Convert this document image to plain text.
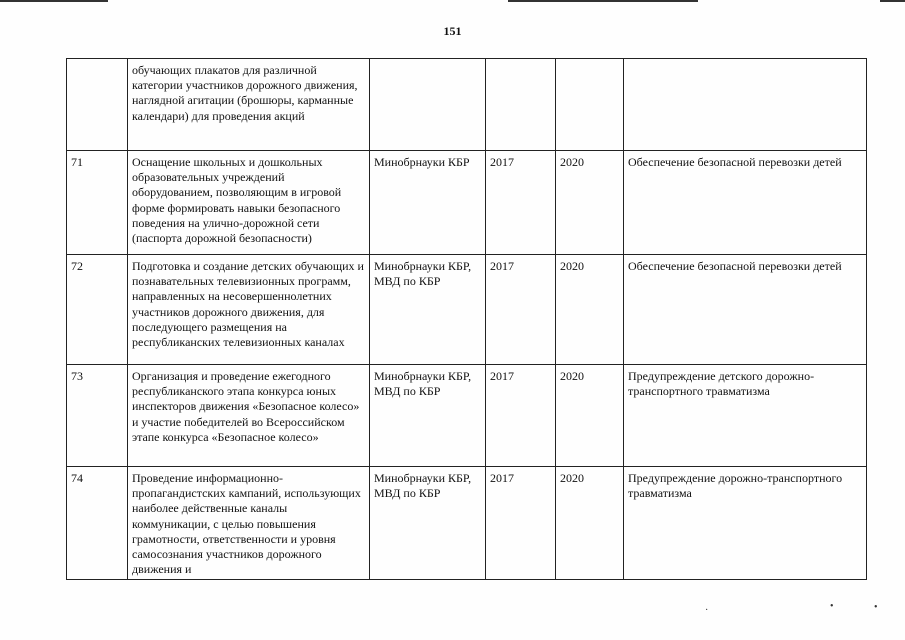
151
	обучающих плакатов для различной категории участников дорожного движения, наглядной агитации (брошюры, карманные календари) для проведения акций				
71	Оснащение школьных и дошкольных образовательных учреждений оборудованием, позволяющим в игровой форме формировать навыки безопасного поведения на улично-дорожной сети (паспорта дорожной безопасности)	Минобрнауки КБР	2017	2020	Обеспечение безопасной перевозки детей
72	Подготовка и создание детских обучающих и познавательных телевизионных программ, направленных на несовершеннолетних участников дорожного движения, для последующего размещения на республиканских телевизионных каналах	Минобрнауки КБР, МВД по КБР	2017	2020	Обеспечение безопасной перевозки детей
73	Организация и проведение ежегодного республиканского этапа конкурса юных инспекторов движения «Безопасное колесо» и участие победителей во Всероссийском этапе конкурса «Безопасное колесо»	Минобрнауки КБР, МВД по КБР	2017	2020	Предупреждение детского дорожно-транспортного травматизма
74	Проведение информационно-пропагандистских кампаний, использующих наиболее действенные каналы коммуникации, с целью повышения грамотности, ответственности и уровня самосознания участников дорожного движения и	Минобрнауки КБР, МВД по КБР	2017	2020	Предупреждение дорожно-транспортного травматизма
·	•	•
